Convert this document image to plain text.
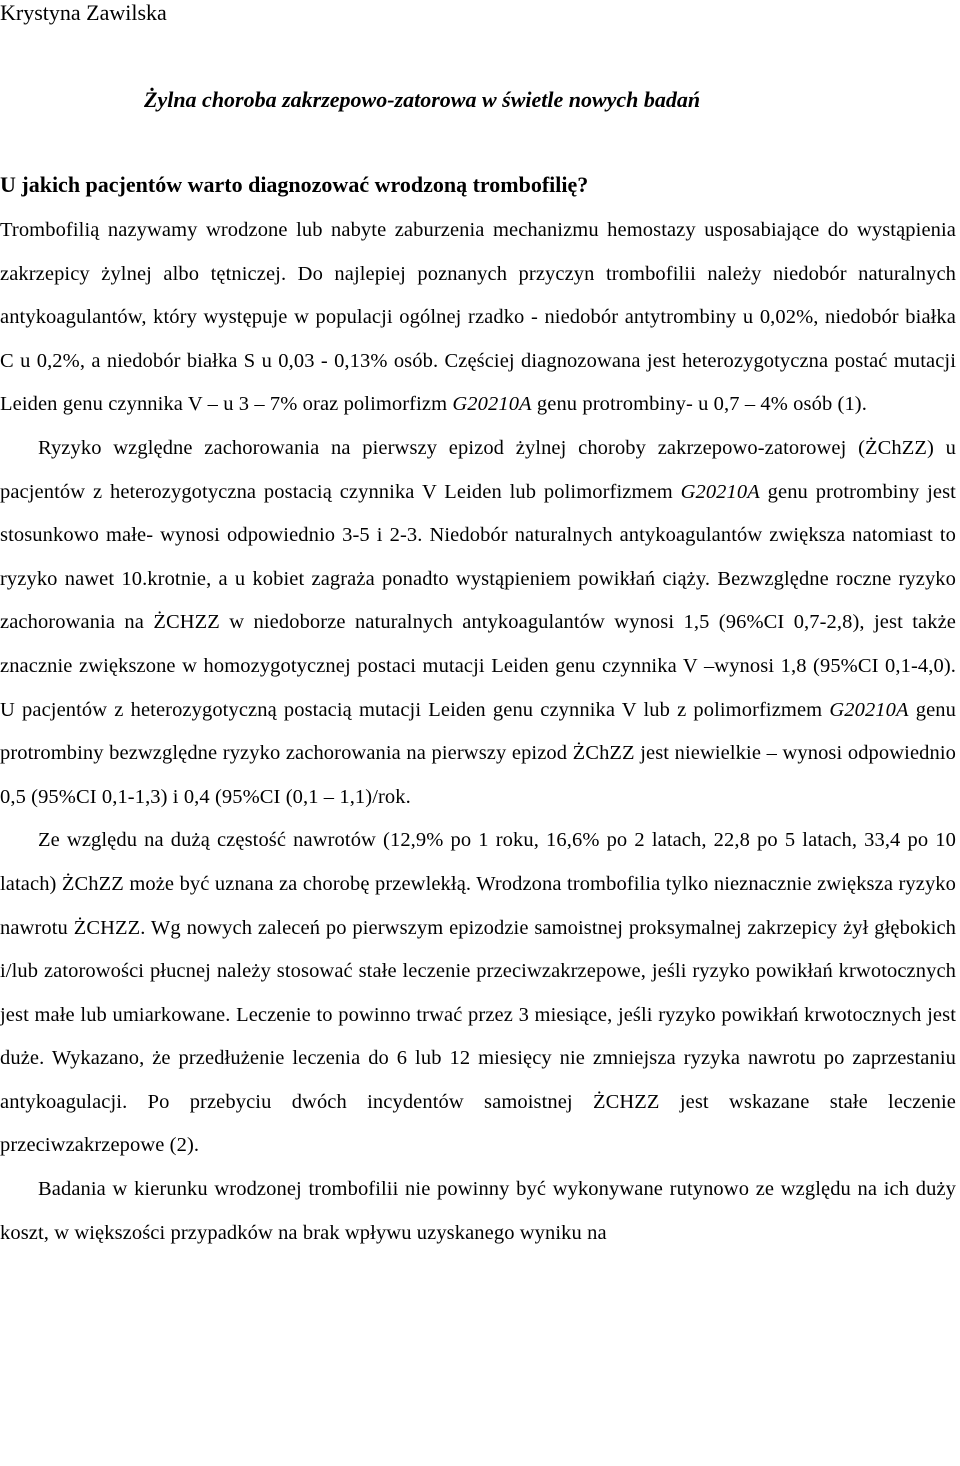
Krystyna Zawilska
Żylna choroba zakrzepowo-zatorowa w świetle nowych badań
U jakich pacjentów warto diagnozować wrodzoną trombofilię?

Trombofilią nazywamy wrodzone lub nabyte zaburzenia mechanizmu hemostazy usposabiające do wystąpienia zakrzepicy żylnej albo tętniczej. Do najlepiej poznanych przyczyn trombofilii należy niedobór naturalnych antykoagulantów, który występuje w populacji ogólnej rzadko - niedobór antytrombiny u 0,02%, niedobór białka C u 0,2%, a niedobór białka S u 0,03 - 0,13% osób. Częściej diagnozowana jest heterozygotyczna postać mutacji Leiden genu czynnika V – u 3 – 7% oraz polimorfizm G20210A genu protrombiny- u 0,7 – 4% osób (1).

Ryzyko względne zachorowania na pierwszy epizod żylnej choroby zakrzepowo-zatorowej (ŻChZZ) u pacjentów z heterozygotyczna postacią czynnika V Leiden lub polimorfizmem G20210A genu protrombiny jest stosunkowo małe- wynosi odpowiednio 3-5 i 2-3. Niedobór naturalnych antykoagulantów zwiększa natomiast to ryzyko nawet 10.krotnie, a u kobiet zagraża ponadto wystąpieniem powikłań ciąży. Bezwzględne roczne ryzyko zachorowania na ŻCHZZ w niedoborze naturalnych antykoagulantów wynosi 1,5 (96%CI 0,7-2,8), jest także znacznie zwiększone w homozygotycznej postaci mutacji Leiden genu czynnika V –wynosi 1,8 (95%CI 0,1-4,0). U pacjentów z heterozygotyczną postacią mutacji Leiden genu czynnika V lub z polimorfizmem G20210A genu protrombiny bezwzględne ryzyko zachorowania na pierwszy epizod ŻChZZ jest niewielkie – wynosi odpowiednio 0,5 (95%CI 0,1-1,3) i 0,4 (95%CI (0,1 – 1,1)/rok.

Ze względu na dużą częstość nawrotów (12,9% po 1 roku, 16,6% po 2 latach, 22,8 po 5 latach, 33,4 po 10 latach) ŻChZZ może być uznana za chorobę przewlekłą. Wrodzona trombofilia tylko nieznacznie zwiększa ryzyko nawrotu ŻCHZZ. Wg nowych zaleceń po pierwszym epizodzie samoistnej proksymalnej zakrzepicy żył głębokich i/lub zatorowości płucnej należy stosować stałe leczenie przeciwzakrzepowe, jeśli ryzyko powikłań krwotocznych jest małe lub umiarkowane. Leczenie to powinno trwać przez 3 miesiące, jeśli ryzyko powikłań krwotocznych jest duże. Wykazano, że przedłużenie leczenia do 6 lub 12 miesięcy nie zmniejsza ryzyka nawrotu po zaprzestaniu antykoagulacji. Po przebyciu dwóch incydentów samoistnej ŻCHZZ jest wskazane stałe leczenie przeciwzakrzepowe (2).

Badania w kierunku wrodzonej trombofilii nie powinny być wykonywane rutynowo ze względu na ich duży koszt, w większości przypadków na brak wpływu uzyskanego wyniku na
